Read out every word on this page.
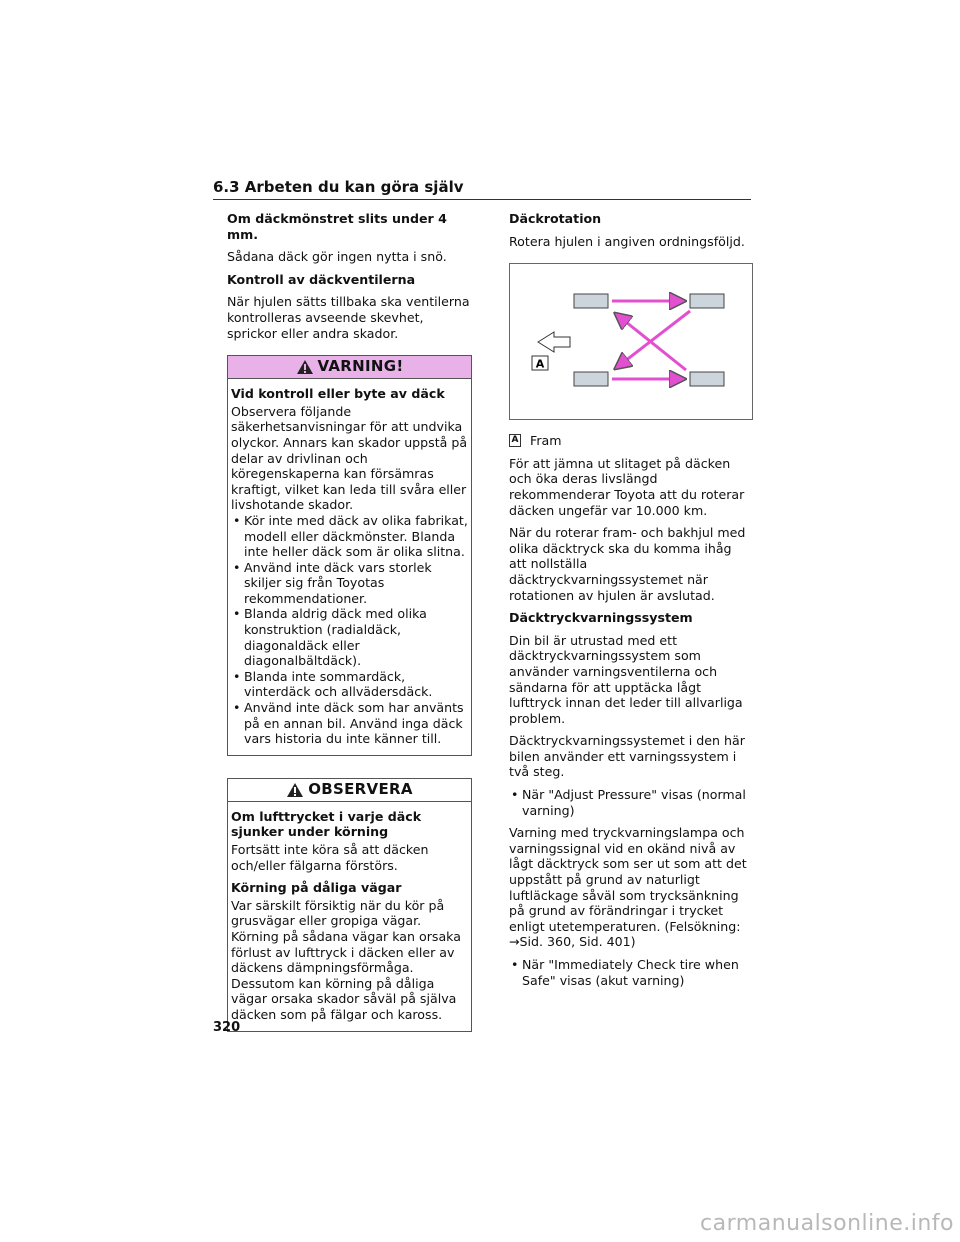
6.3 Arbeten du kan göra själv
Om däckmönstret slits under 4 mm.
Sådana däck gör ingen nytta i snö.
Kontroll av däckventilerna
När hjulen sätts tillbaka ska ventilerna kontrolleras avseende skevhet, sprickor eller andra skador.
VARNING!
Vid kontroll eller byte av däck
Observera följande säkerhetsanvisningar för att undvika olyckor. Annars kan skador uppstå på delar av drivlinan och köregenskaperna kan försämras kraftigt, vilket kan leda till svåra eller livshotande skador.
• Kör inte med däck av olika fabrikat, modell eller däckmönster. Blanda inte heller däck som är olika slitna.
• Använd inte däck vars storlek skiljer sig från Toyotas rekommendationer.
• Blanda aldrig däck med olika konstruktion (radialdäck, diagonaldäck eller diagonalbältdäck).
• Blanda inte sommardäck, vinterdäck och allvädersdäck.
• Använd inte däck som har använts på en annan bil. Använd inga däck vars historia du inte känner till.
OBSERVERA
Om lufttrycket i varje däck sjunker under körning
Fortsätt inte köra så att däcken och/eller fälgarna förstörs.
Körning på dåliga vägar
Var särskilt försiktig när du kör på grusvägar eller gropiga vägar. Körning på sådana vägar kan orsaka förlust av lufttryck i däcken eller av däckens dämpningsförmåga. Dessutom kan körning på dåliga vägar orsaka skador såväl på själva däcken som på fälgar och kaross.
Däckrotation
Rotera hjulen i angiven ordningsföljd.
A
A Fram
För att jämna ut slitaget på däcken och öka deras livslängd rekommenderar Toyota att du roterar däcken ungefär var 10.000 km.
När du roterar fram- och bakhjul med olika däcktryck ska du komma ihåg att nollställa däcktryckvarningssystemet när rotationen av hjulen är avslutad.
Däcktryckvarningssystem
Din bil är utrustad med ett däcktryckvarningssystem som använder varningsventilerna och sändarna för att upptäcka lågt lufttryck innan det leder till allvarliga problem.
Däcktryckvarningssystemet i den här bilen använder ett varningssystem i två steg.
• När "Adjust Pressure" visas (normal varning)
Varning med tryckvarningslampa och varningssignal vid en okänd nivå av lågt däcktryck som ser ut som att det uppstått på grund av naturligt luftläckage såväl som trycksänkning på grund av förändringar i trycket enligt utetemperaturen. (Felsökning:
→Sid. 360, Sid. 401)
• När "Immediately Check tire when Safe" visas (akut varning)
320
carmanualsonline.info
